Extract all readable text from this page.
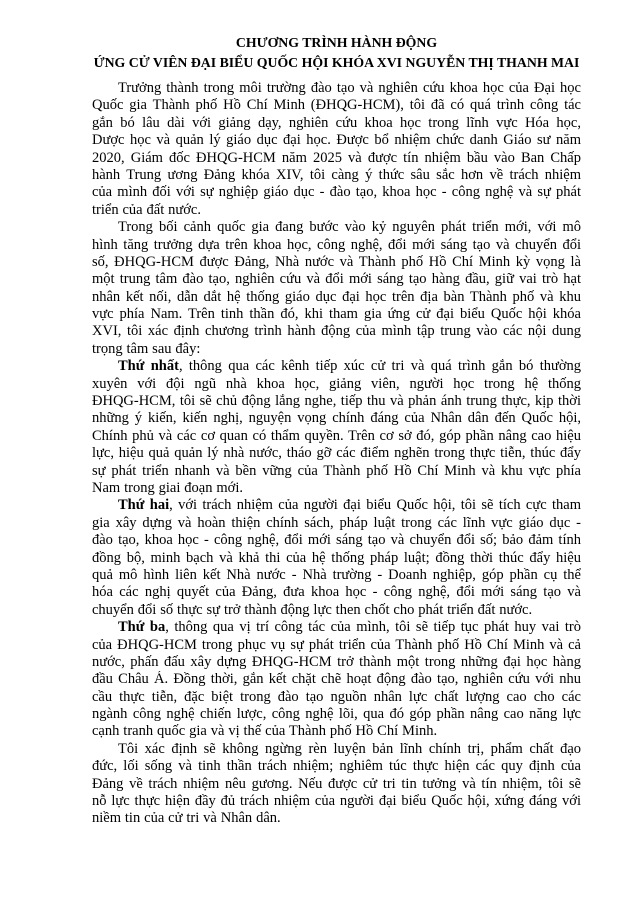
CHƯƠNG TRÌNH HÀNH ĐỘNG
ỨNG CỬ VIÊN ĐẠI BIỂU QUỐC HỘI KHÓA XVI NGUYỄN THỊ THANH MAI
Trưởng thành trong môi trường đào tạo và nghiên cứu khoa học của Đại học
Quốc gia Thành phố Hồ Chí Minh (ĐHQG-HCM), tôi đã có quá trình công tác
gắn bó lâu dài với giảng dạy, nghiên cứu khoa học trong lĩnh vực Hóa học,
Dược học và quản lý giáo dục đại học. Được bổ nhiệm chức danh Giáo sư năm
2020, Giám đốc ĐHQG-HCM năm 2025 và được tín nhiệm bầu vào Ban Chấp
hành Trung ương Đảng khóa XIV, tôi càng ý thức sâu sắc hơn về trách nhiệm
của mình đối với sự nghiệp giáo dục - đào tạo, khoa học - công nghệ và sự phát
triển của đất nước.
Trong bối cảnh quốc gia đang bước vào kỷ nguyên phát triển mới, với mô
hình tăng trưởng dựa trên khoa học, công nghệ, đổi mới sáng tạo và chuyển đổi
số, ĐHQG-HCM được Đảng, Nhà nước và Thành phố Hồ Chí Minh kỳ vọng là
một trung tâm đào tạo, nghiên cứu và đổi mới sáng tạo hàng đầu, giữ vai trò hạt
nhân kết nối, dẫn dắt hệ thống giáo dục đại học trên địa bàn Thành phố và khu
vực phía Nam. Trên tinh thần đó, khi tham gia ứng cử đại biểu Quốc hội khóa
XVI, tôi xác định chương trình hành động của mình tập trung vào các nội dung
trọng tâm sau đây:
Thứ nhất, thông qua các kênh tiếp xúc cử tri và quá trình gắn bó thường
xuyên với đội ngũ nhà khoa học, giảng viên, người học trong hệ thống
ĐHQG-HCM, tôi sẽ chủ động lắng nghe, tiếp thu và phản ánh trung thực, kịp thời
những ý kiến, kiến nghị, nguyện vọng chính đáng của Nhân dân đến Quốc hội,
Chính phủ và các cơ quan có thẩm quyền. Trên cơ sở đó, góp phần nâng cao hiệu
lực, hiệu quả quản lý nhà nước, tháo gỡ các điểm nghẽn trong thực tiễn, thúc đẩy
sự phát triển nhanh và bền vững của Thành phố Hồ Chí Minh và khu vực phía
Nam trong giai đoạn mới.
Thứ hai, với trách nhiệm của người đại biểu Quốc hội, tôi sẽ tích cực tham
gia xây dựng và hoàn thiện chính sách, pháp luật trong các lĩnh vực giáo dục -
đào tạo, khoa học - công nghệ, đổi mới sáng tạo và chuyển đổi số; bảo đảm tính
đồng bộ, minh bạch và khả thi của hệ thống pháp luật; đồng thời thúc đẩy hiệu
quả mô hình liên kết Nhà nước - Nhà trường - Doanh nghiệp, góp phần cụ thể
hóa các nghị quyết của Đảng, đưa khoa học - công nghệ, đổi mới sáng tạo và
chuyển đổi số thực sự trở thành động lực then chốt cho phát triển đất nước.
Thứ ba, thông qua vị trí công tác của mình, tôi sẽ tiếp tục phát huy vai trò
của ĐHQG-HCM trong phục vụ sự phát triển của Thành phố Hồ Chí Minh và cả
nước, phấn đấu xây dựng ĐHQG-HCM trở thành một trong những đại học hàng
đầu Châu Á. Đồng thời, gắn kết chặt chẽ hoạt động đào tạo, nghiên cứu với nhu
cầu thực tiễn, đặc biệt trong đào tạo nguồn nhân lực chất lượng cao cho các
ngành công nghệ chiến lược, công nghệ lõi, qua đó góp phần nâng cao năng lực
cạnh tranh quốc gia và vị thế của Thành phố Hồ Chí Minh.
Tôi xác định sẽ không ngừng rèn luyện bản lĩnh chính trị, phẩm chất đạo
đức, lối sống và tinh thần trách nhiệm; nghiêm túc thực hiện các quy định của
Đảng về trách nhiệm nêu gương. Nếu được cử tri tin tưởng và tín nhiệm, tôi sẽ
nỗ lực thực hiện đầy đủ trách nhiệm của người đại biểu Quốc hội, xứng đáng với
niềm tin của cử tri và Nhân dân.
